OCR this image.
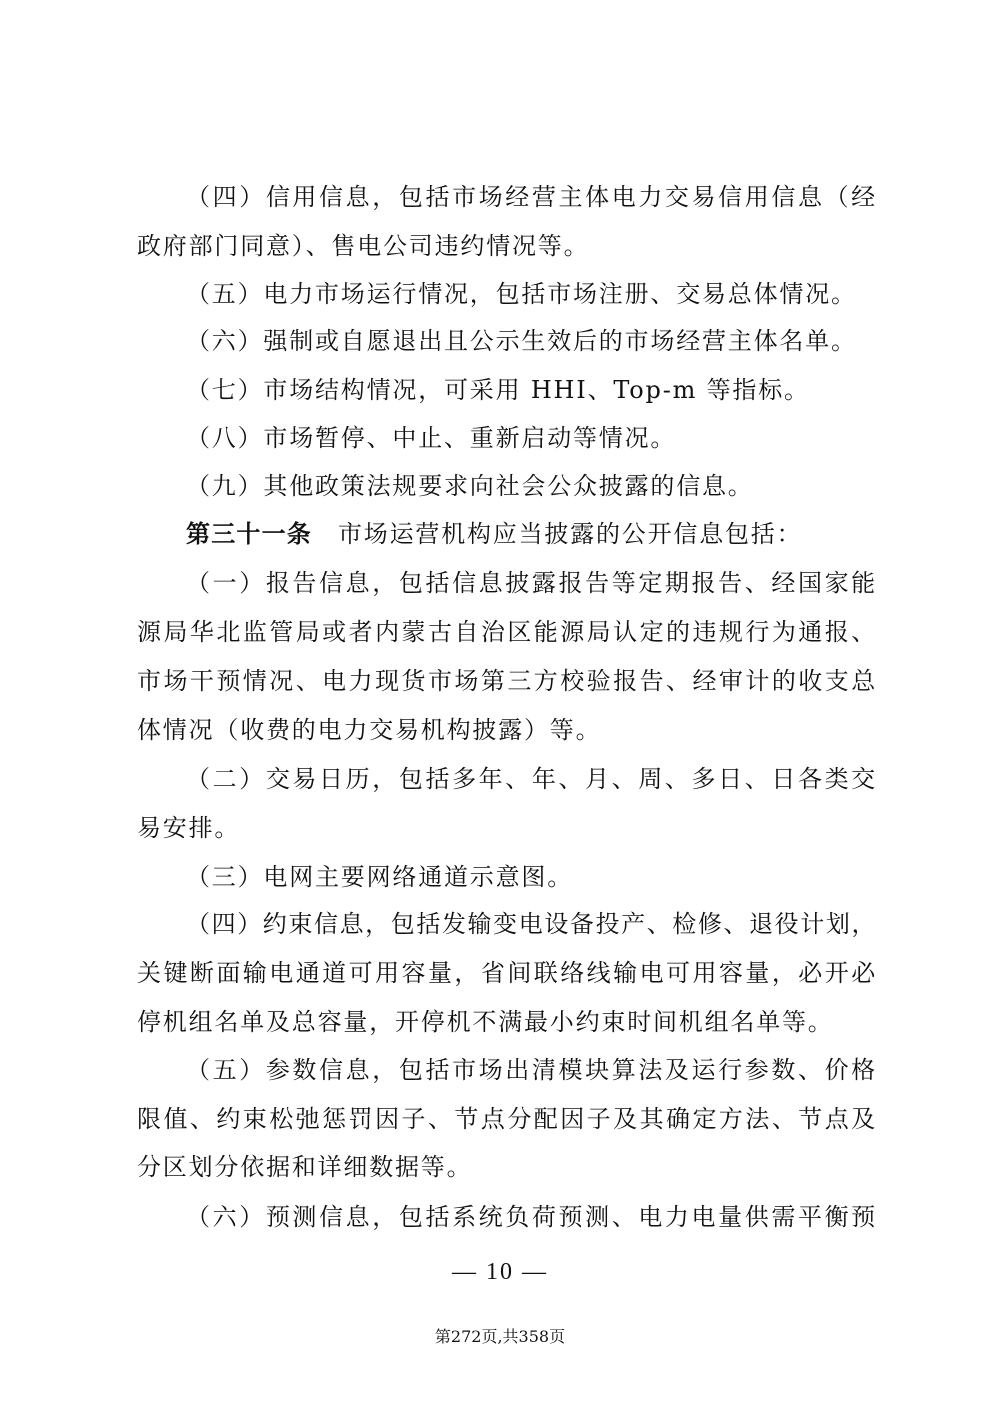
（四）信用信息，包括市场经营主体电力交易信用信息（经
政府部门同意）、售电公司违约情况等。
（五）电力市场运行情况，包括市场注册、交易总体情况。
（六）强制或自愿退出且公示生效后的市场经营主体名单。
（七）市场结构情况，可采用 HHI、Top-m 等指标。
（八）市场暂停、中止、重新启动等情况。
（九）其他政策法规要求向社会公众披露的信息。
第三十一条 市场运营机构应当披露的公开信息包括：
（一）报告信息，包括信息披露报告等定期报告、经国家能
源局华北监管局或者内蒙古自治区能源局认定的违规行为通报、
市场干预情况、电力现货市场第三方校验报告、经审计的收支总
体情况（收费的电力交易机构披露）等。
（二）交易日历，包括多年、年、月、周、多日、日各类交
易安排。
（三）电网主要网络通道示意图。
（四）约束信息，包括发输变电设备投产、检修、退役计划，
关键断面输电通道可用容量，省间联络线输电可用容量，必开必
停机组名单及总容量，开停机不满最小约束时间机组名单等。
（五）参数信息，包括市场出清模块算法及运行参数、价格
限值、约束松弛惩罚因子、节点分配因子及其确定方法、节点及
分区划分依据和详细数据等。
（六）预测信息，包括系统负荷预测、电力电量供需平衡预
— 10 —
第272页,共358页
